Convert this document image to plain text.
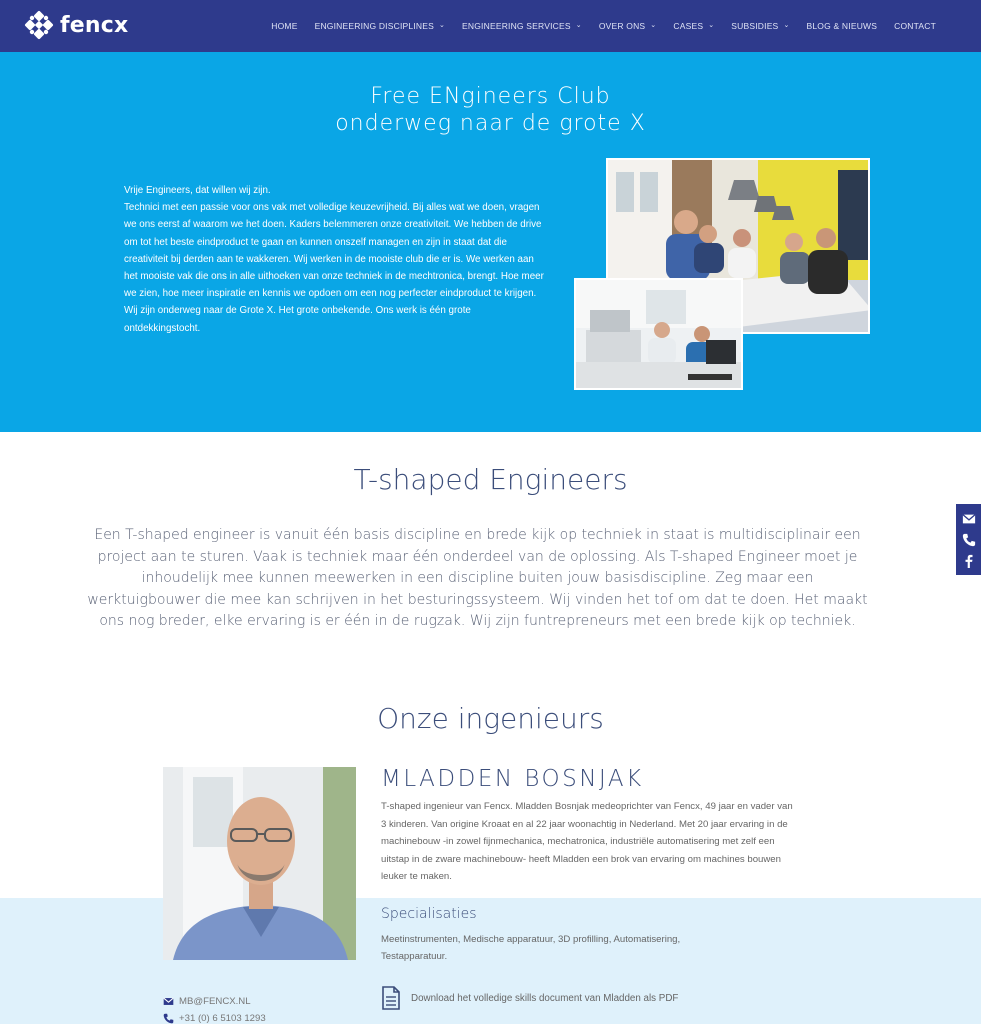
fencx	HOME ENGINEERING DISCIPLINES ⌄ ENGINEERING SERVICES ⌄ OVER ONS ⌄ CASES ⌄ SUBSIDIES ⌄ BLOG & NIEUWS CONTACT
Free ENgineers Club
onderweg naar de grote X
Vrije Engineers, dat willen wij zijn.
Technici met een passie voor ons vak met volledige keuzevrijheid. Bij alles wat we doen, vragen we ons eerst af waarom we het doen. Kaders belemmeren onze creativiteit. We hebben de drive om tot het beste eindproduct te gaan en kunnen onszelf managen en zijn in staat dat die creativiteit bij derden aan te wakkeren. Wij werken in de mooiste club die er is. We werken aan het mooiste vak die ons in alle uithoeken van onze techniek in de mechtronica, brengt. Hoe meer we zien, hoe meer inspiratie en kennis we opdoen om een nog perfecter eindproduct te krijgen. Wij zijn onderweg naar de Grote X. Het grote onbekende. Ons werk is één grote ontdekkingstocht.
T-shaped Engineers
Een T-shaped engineer is vanuit één basis discipline en brede kijk op techniek in staat is multidisciplinair een project aan te sturen. Vaak is techniek maar één onderdeel van de oplossing. Als T-shaped Engineer moet je inhoudelijk mee kunnen meewerken in een discipline buiten jouw basisdiscipline. Zeg maar een werktuigbouwer die mee kan schrijven in het besturingssysteem. Wij vinden het tof om dat te doen. Het maakt ons nog breder, elke ervaring is er één in de rugzak. Wij zijn funtrepreneurs met een brede kijk op techniek.
Onze ingenieurs
MLADDEN BOSNJAK
T-shaped ingenieur van Fencx. Mladden Bosnjak medeoprichter van Fencx, 49 jaar en vader van 3 kinderen. Van origine Kroaat en al 22 jaar woonachtig in Nederland. Met 20 jaar ervaring in de machinebouw -in zowel fijnmechanica, mechatronica, industriële automatisering met zelf een uitstap in de zware machinebouw- heeft Mladden een brok van ervaring om machines bouwen leuker te maken.
Specialisaties
Meetinstrumenten, Medische apparatuur, 3D profilling, Automatisering, Testapparatuur.
MB@FENCX.NL
+31 (0) 6 5103 1293
Download het volledige skills document van Mladden als PDF
